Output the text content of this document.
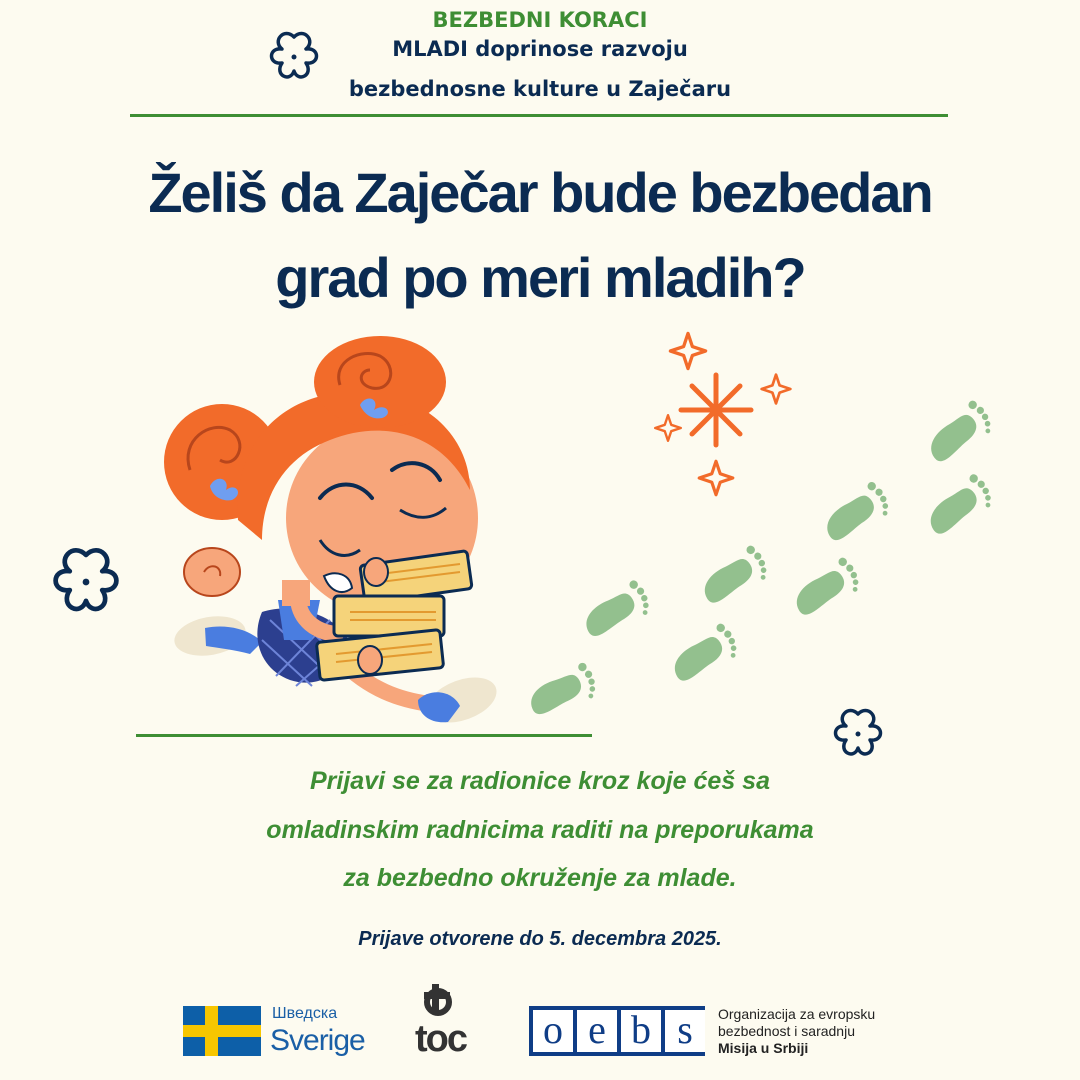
BEZBEDNI KORACI
MLADI doprinose razvoju
bezbednosne kulture u Zaječaru
Želiš da Zaječar bude bezbedan
grad po meri mladih?
Prijavi se za radionice kroz koje ćeš sa
omladinskim radnicima raditi na preporukama
za bezbedno okruženje za mlade.
Prijave otvorene do 5. decembra 2025.
Шведска
Sverige toc o e b s	Organizacija za evropsku
bezbednost i saradnju
Misija u Srbiji
